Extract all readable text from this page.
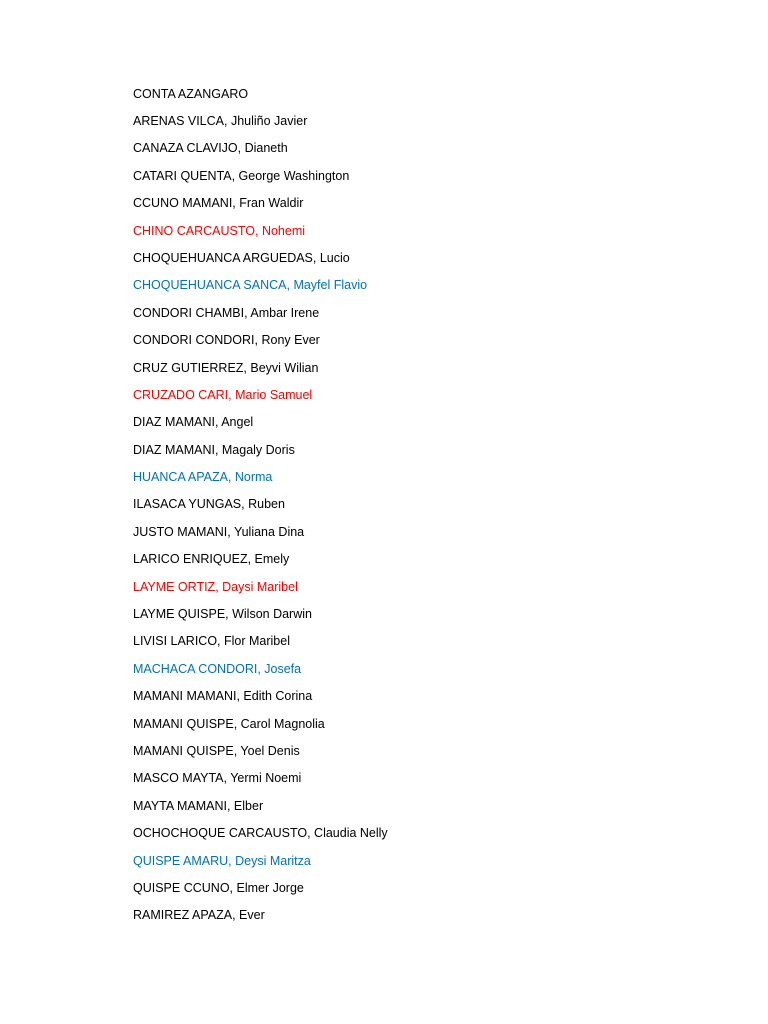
CONTA AZANGARO
ARENAS VILCA, Jhuliño Javier
CANAZA CLAVIJO, Dianeth
CATARI QUENTA, George Washington
CCUNO MAMANI, Fran Waldir
CHINO CARCAUSTO, Nohemi
CHOQUEHUANCA ARGUEDAS, Lucio
CHOQUEHUANCA SANCA, Mayfel Flavio
CONDORI CHAMBI, Ambar Irene
CONDORI CONDORI, Rony Ever
CRUZ GUTIERREZ, Beyvi Wilian
CRUZADO CARI, Mario Samuel
DIAZ MAMANI, Angel
DIAZ MAMANI, Magaly Doris
HUANCA APAZA, Norma
ILASACA YUNGAS, Ruben
JUSTO MAMANI, Yuliana Dina
LARICO ENRIQUEZ, Emely
LAYME ORTIZ, Daysi Maribel
LAYME QUISPE, Wilson Darwin
LIVISI LARICO, Flor Maribel
MACHACA CONDORI, Josefa
MAMANI MAMANI, Edith Corina
MAMANI QUISPE, Carol Magnolia
MAMANI QUISPE, Yoel Denis
MASCO MAYTA, Yermi Noemi
MAYTA MAMANI, Elber
OCHOCHOQUE CARCAUSTO, Claudia Nelly
QUISPE AMARU, Deysi Maritza
QUISPE CCUNO, Elmer Jorge
RAMIREZ APAZA, Ever
